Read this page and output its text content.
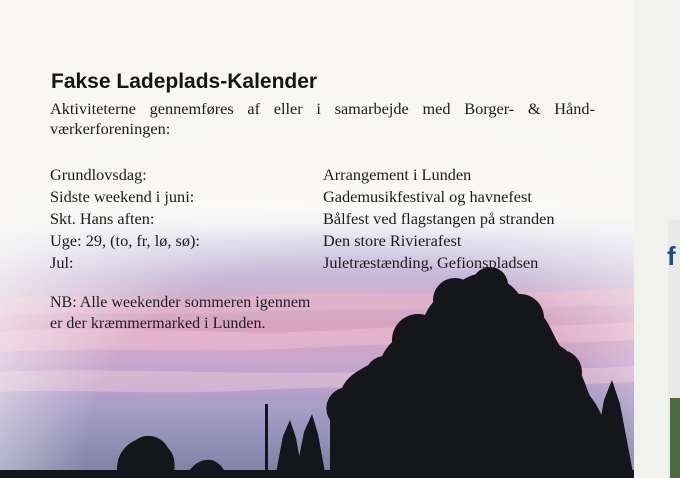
Fakse Ladeplads-Kalender

Aktiviteterne gennemføres af eller i samarbejde med Borger- & Håndværkerforeningen:

Grundlovsdag:	Arrangement i Lunden
Sidste weekend i juni:	Gademusikfestival og havnefest
Skt. Hans aften:	Bålfest ved flagstangen på stranden
Uge: 29, (to, fr, lø, sø):	Den store Rivierafest
Jul:	Juletræstænding, Gefionspladsen

NB: Alle weekender sommeren igennem
er der kræmmermarked i Lunden.

f
